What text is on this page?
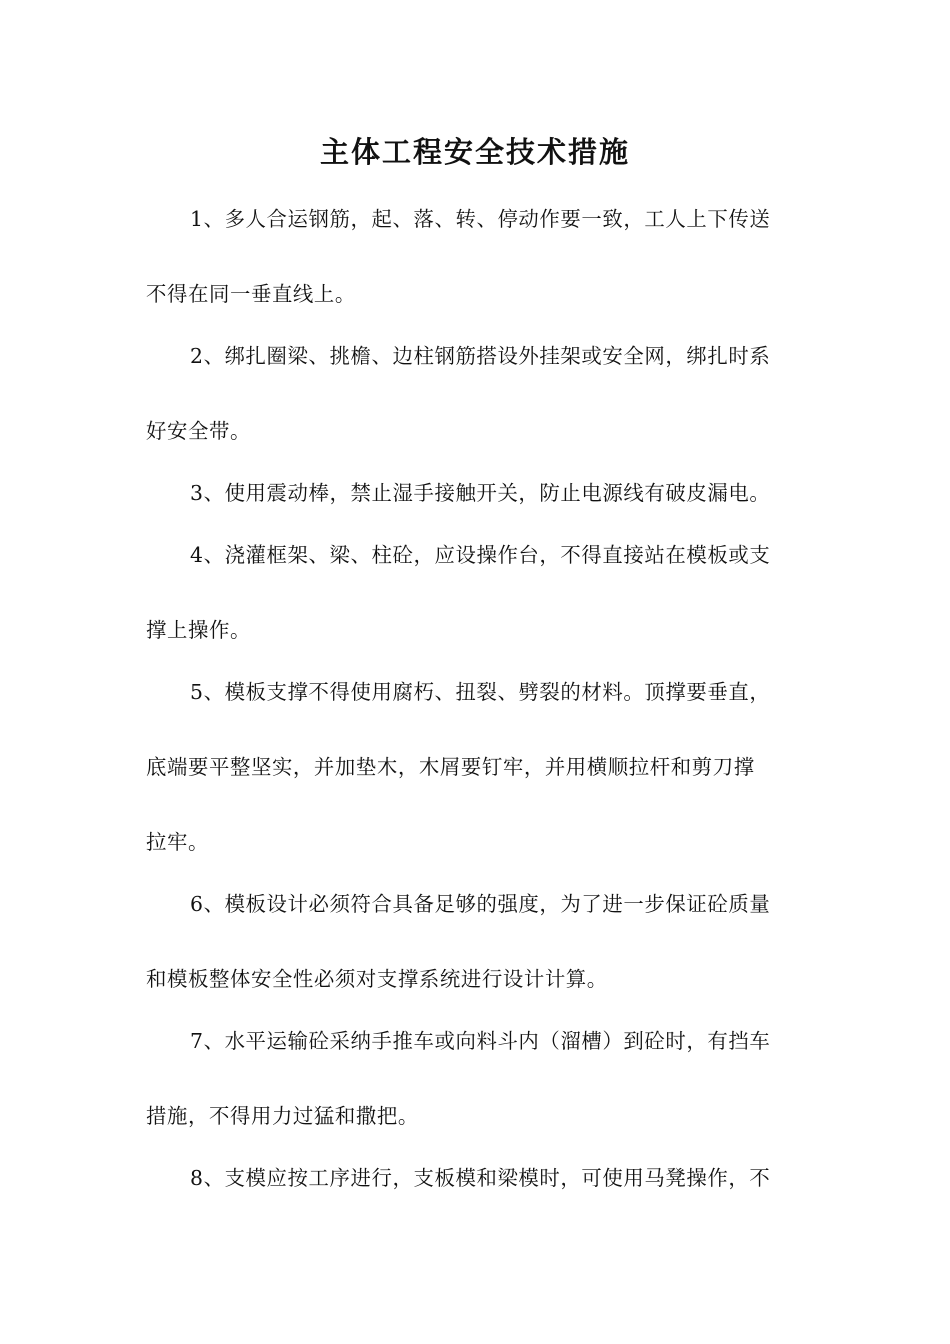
主体工程安全技术措施
1、多人合运钢筋，起、落、转、停动作要一致，工人上下传送
不得在同一垂直线上。
2、绑扎圈梁、挑檐、边柱钢筋搭设外挂架或安全网，绑扎时系
好安全带。
3、使用震动棒，禁止湿手接触开关，防止电源线有破皮漏电。
4、浇灌框架、梁、柱砼，应设操作台，不得直接站在模板或支
撑上操作。
5、模板支撑不得使用腐朽、扭裂、劈裂的材料。顶撑要垂直，
底端要平整坚实，并加垫木，木屑要钉牢，并用横顺拉杆和剪刀撑
拉牢。
6、模板设计必须符合具备足够的强度，为了进一步保证砼质量
和模板整体安全性必须对支撑系统进行设计计算。
7、水平运输砼采纳手推车或向料斗内（溜槽）到砼时，有挡车
措施，不得用力过猛和撒把。
8、支模应按工序进行，支板模和梁模时，可使用马凳操作，不
